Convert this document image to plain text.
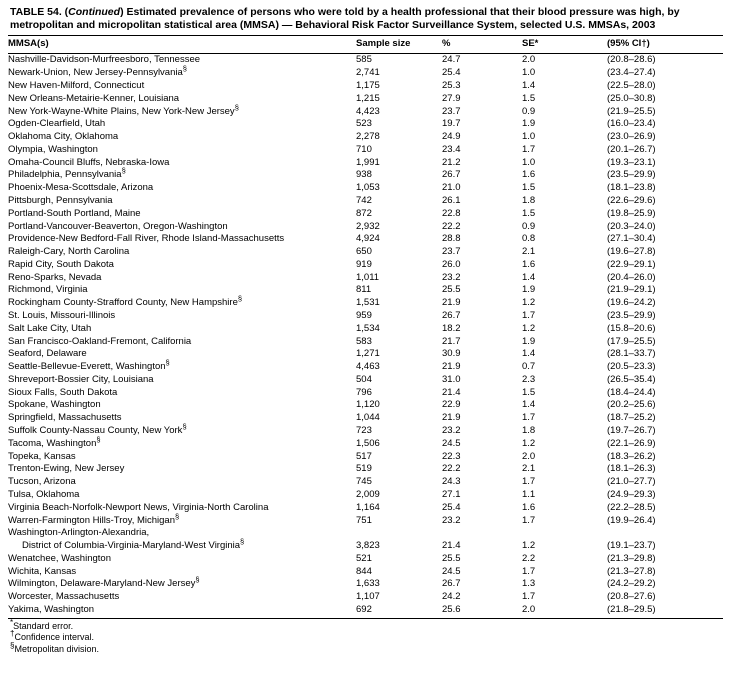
TABLE 54. (Continued) Estimated prevalence of persons who were told by a health professional that their blood pressure was high, by metropolitan and micropolitan statistical area (MMSA) — Behavioral Risk Factor Surveillance System, selected U.S. MMSAs, 2003
MMSA(s)	Sample size	%	SE*	(95% CI†)
Nashville-Davidson-Murfreesboro, Tennessee	585	24.7	2.0	(20.8–28.6)
Newark-Union, New Jersey-Pennsylvania§	2,741	25.4	1.0	(23.4–27.4)
New Haven-Milford, Connecticut	1,175	25.3	1.4	(22.5–28.0)
New Orleans-Metairie-Kenner, Louisiana	1,215	27.9	1.5	(25.0–30.8)
New York-Wayne-White Plains, New York-New Jersey§	4,423	23.7	0.9	(21.9–25.5)
Ogden-Clearfield, Utah	523	19.7	1.9	(16.0–23.4)
Oklahoma City, Oklahoma	2,278	24.9	1.0	(23.0–26.9)
Olympia, Washington	710	23.4	1.7	(20.1–26.7)
Omaha-Council Bluffs, Nebraska-Iowa	1,991	21.2	1.0	(19.3–23.1)
Philadelphia, Pennsylvania§	938	26.7	1.6	(23.5–29.9)
Phoenix-Mesa-Scottsdale, Arizona	1,053	21.0	1.5	(18.1–23.8)
Pittsburgh, Pennsylvania	742	26.1	1.8	(22.6–29.6)
Portland-South Portland, Maine	872	22.8	1.5	(19.8–25.9)
Portland-Vancouver-Beaverton, Oregon-Washington	2,932	22.2	0.9	(20.3–24.0)
Providence-New Bedford-Fall River, Rhode Island-Massachusetts	4,924	28.8	0.8	(27.1–30.4)
Raleigh-Cary, North Carolina	650	23.7	2.1	(19.6–27.8)
Rapid City, South Dakota	919	26.0	1.6	(22.9–29.1)
Reno-Sparks, Nevada	1,011	23.2	1.4	(20.4–26.0)
Richmond, Virginia	811	25.5	1.9	(21.9–29.1)
Rockingham County-Strafford County, New Hampshire§	1,531	21.9	1.2	(19.6–24.2)
St. Louis, Missouri-Illinois	959	26.7	1.7	(23.5–29.9)
Salt Lake City, Utah	1,534	18.2	1.2	(15.8–20.6)
San Francisco-Oakland-Fremont, California	583	21.7	1.9	(17.9–25.5)
Seaford, Delaware	1,271	30.9	1.4	(28.1–33.7)
Seattle-Bellevue-Everett, Washington§	4,463	21.9	0.7	(20.5–23.3)
Shreveport-Bossier City, Louisiana	504	31.0	2.3	(26.5–35.4)
Sioux Falls, South Dakota	796	21.4	1.5	(18.4–24.4)
Spokane, Washington	1,120	22.9	1.4	(20.2–25.6)
Springfield, Massachusetts	1,044	21.9	1.7	(18.7–25.2)
Suffolk County-Nassau County, New York§	723	23.2	1.8	(19.7–26.7)
Tacoma, Washington§	1,506	24.5	1.2	(22.1–26.9)
Topeka, Kansas	517	22.3	2.0	(18.3–26.2)
Trenton-Ewing, New Jersey	519	22.2	2.1	(18.1–26.3)
Tucson, Arizona	745	24.3	1.7	(21.0–27.7)
Tulsa, Oklahoma	2,009	27.1	1.1	(24.9–29.3)
Virginia Beach-Norfolk-Newport News, Virginia-North Carolina	1,164	25.4	1.6	(22.2–28.5)
Warren-Farmington Hills-Troy, Michigan§	751	23.2	1.7	(19.9–26.4)
Washington-Arlington-Alexandria,				

District of Columbia-Virginia-Maryland-West Virginia§	3,823	21.4	1.2	(19.1–23.7)
Wenatchee, Washington	521	25.5	2.2	(21.3–29.8)
Wichita, Kansas	844	24.5	1.7	(21.3–27.8)
Wilmington, Delaware-Maryland-New Jersey§	1,633	26.7	1.3	(24.2–29.2)
Worcester, Massachusetts	1,107	24.2	1.7	(20.8–27.6)
Yakima, Washington	692	25.6	2.0	(21.8–29.5)
*Standard error.
†Confidence interval.
§Metropolitan division.
